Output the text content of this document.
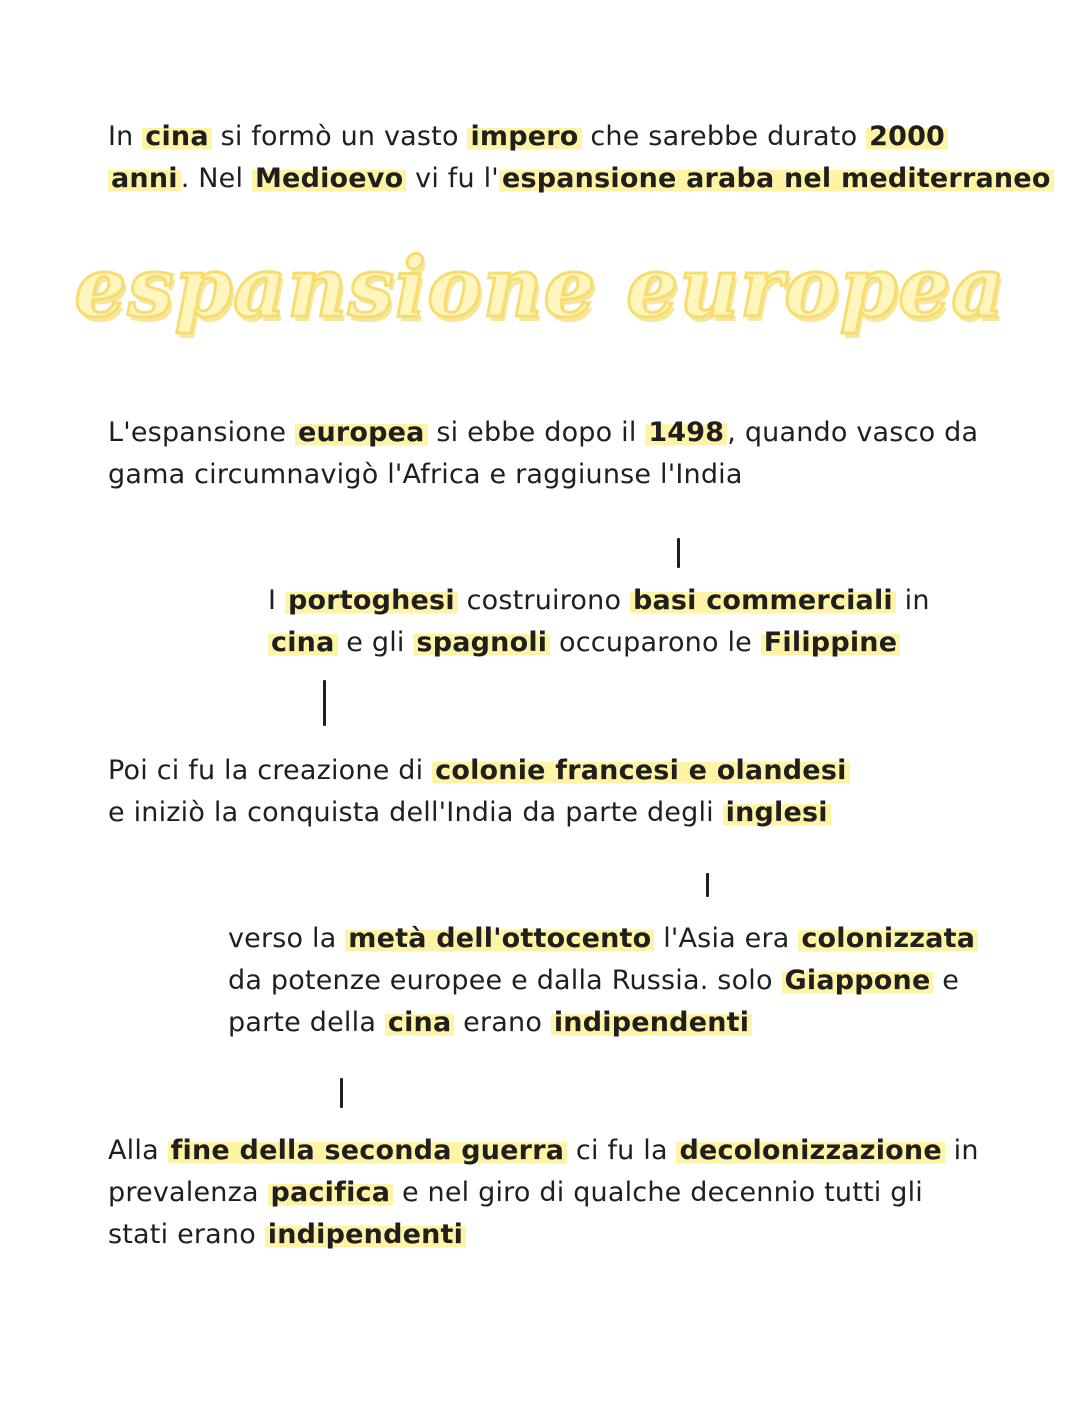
In cina si formò un vasto impero che sarebbe durato 2000
anni . Nel Medioevo vi fu l' espansione araba nel mediterraneo
espansione europea
L'espansione europea si ebbe dopo il 1498 , quando vasco da
gama circumnavigò l'Africa e raggiunse l'India
I portoghesi costruirono basi commerciali in
cina e gli spagnoli occuparono le Filippine
Poi ci fu la creazione di colonie francesi e olandesi
e iniziò la conquista dell'India da parte degli inglesi
verso la metà dell'ottocento l'Asia era colonizzata
da potenze europee e dalla Russia. solo Giappone e
parte della cina erano indipendenti
Alla fine della seconda guerra ci fu la decolonizzazione in
prevalenza pacifica e nel giro di qualche decennio tutti gli
stati erano indipendenti
